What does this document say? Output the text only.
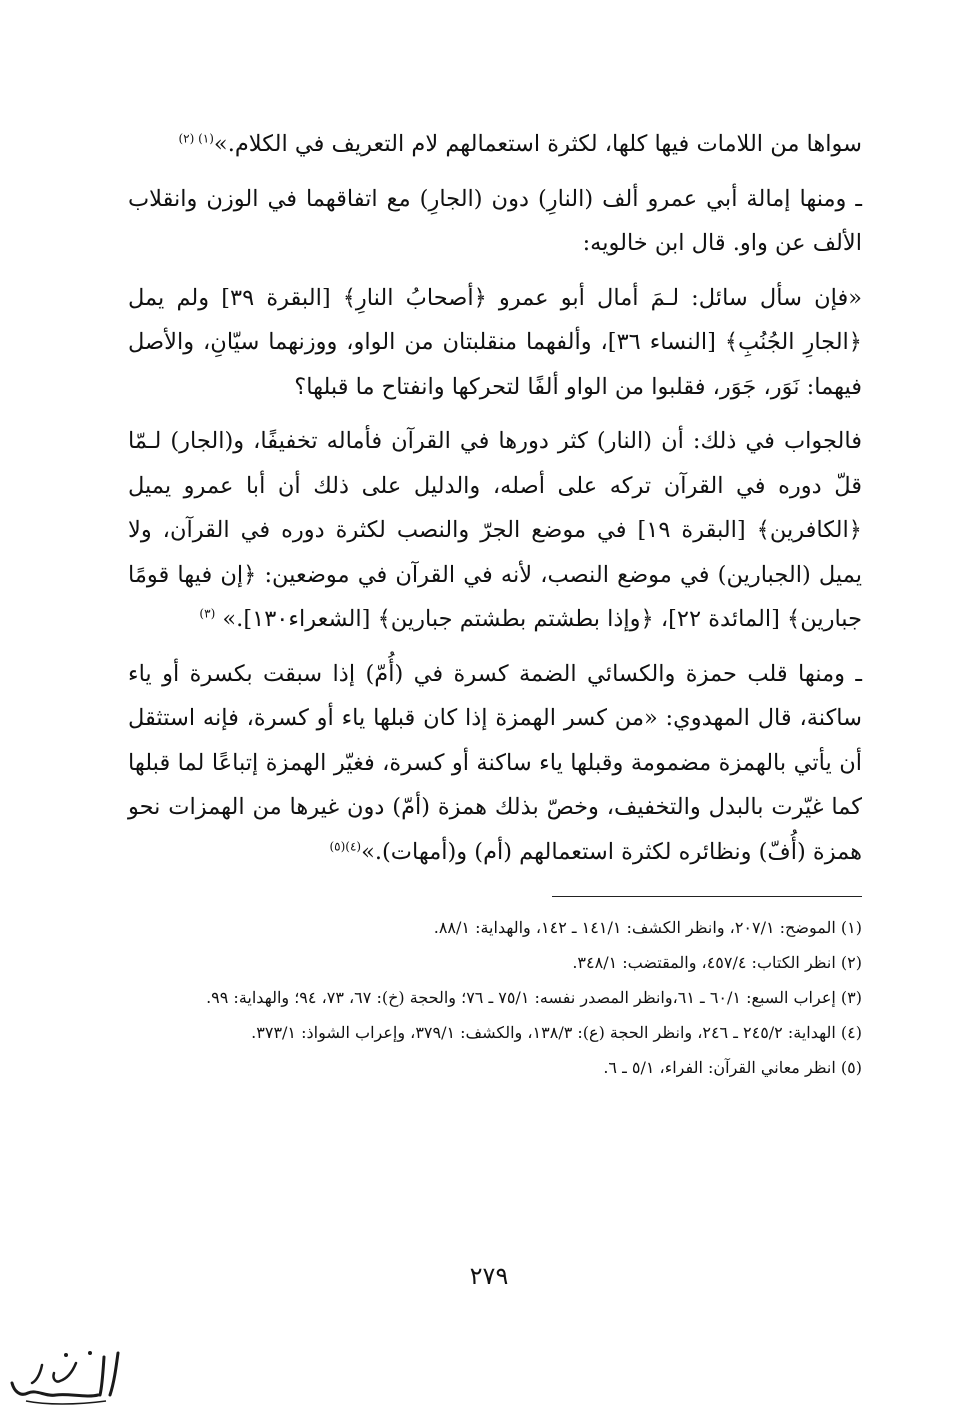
سواها من اللامات فيها كلها، لكثرة استعمالهم لام التعريف في الكلام.»$^{(١) (٢)}$

ـ ومنها إمالة أبي عمرو ألف (النارِ) دون (الجارِ) مع اتفاقهما في الوزن وانقلاب الألف عن واو. قال ابن خالويه:

«فإن سأل سائل: لـمَ أمال أبو عمرو ﴿أصحابُ النارِ﴾ [البقرة ٣٩] ولم يمل ﴿الجارِ الجُنُبِ﴾ [النساء ٣٦]، وألفهما منقلبتان من الواو، ووزنهما سيّانِ، والأصل فيهما: نَوَر، جَوَر، فقلبوا من الواو ألفًا لتحركها وانفتاح ما قبلها؟

فالجواب في ذلك: أن (النار) كثر دورها في القرآن فأماله تخفيفًا، و(الجار) لـمّا قلّ دوره في القرآن تركه على أصله، والدليل على ذلك أن أبا عمرو يميل ﴿الكافرين﴾ [البقرة ١٩] في موضع الجرّ والنصب لكثرة دوره في القرآن، ولا يميل (الجبارين) في موضع النصب، لأنه في القرآن في موضعين: ﴿إن فيها قومًا جبارين﴾ [المائدة ٢٢]، ﴿وإذا بطشتم بطشتم جبارين﴾ [الشعراء١٣٠].» $^{(٣)}$

ـ ومنها قلب حمزة والكسائي الضمة كسرة في (أُمّ) إذا سبقت بكسرة أو ياء ساكنة، قال المهدوي: «من كسر الهمزة إذا كان قبلها ياء أو كسرة، فإنه استثقل أن يأتي بالهمزة مضمومة وقبلها ياء ساكنة أو كسرة، فغيّر الهمزة إتباعًا لما قبلها كما غيّرت بالبدل والتخفيف، وخصّ بذلك همزة (أمّ) دون غيرها من الهمزات نحو همزة (أُفّ) ونظائره لكثرة استعمالهم (أم) و(أمهات).»$^{(٤)(٥)}$

(١) الموضح: ٢٠٧/١، وانظر الكشف: ١٤١/١ ـ ١٤٢، والهداية: ٨٨/١.

(٢) انظر الكتاب: ٤٥٧/٤، والمقتضب: ٣٤٨/١.

(٣) إعراب السبع: ٦٠/١ ـ ٦١،وانظر المصدر نفسه: ٧٥/١ ـ ٧٦؛ والحجة (خ): ٦٧، ٧٣، ٩٤؛ والهداية: ٩٩.

(٤) الهداية: ٢٤٥/٢ ـ ٢٤٦، وانظر الحجة (ع): ١٣٨/٣، والكشف: ٣٧٩/١، وإعراب الشواذ: ٣٧٣/١.

(٥) انظر معاني القرآن: الفراء، ٥/١ ـ ٦.

٢٧٩
